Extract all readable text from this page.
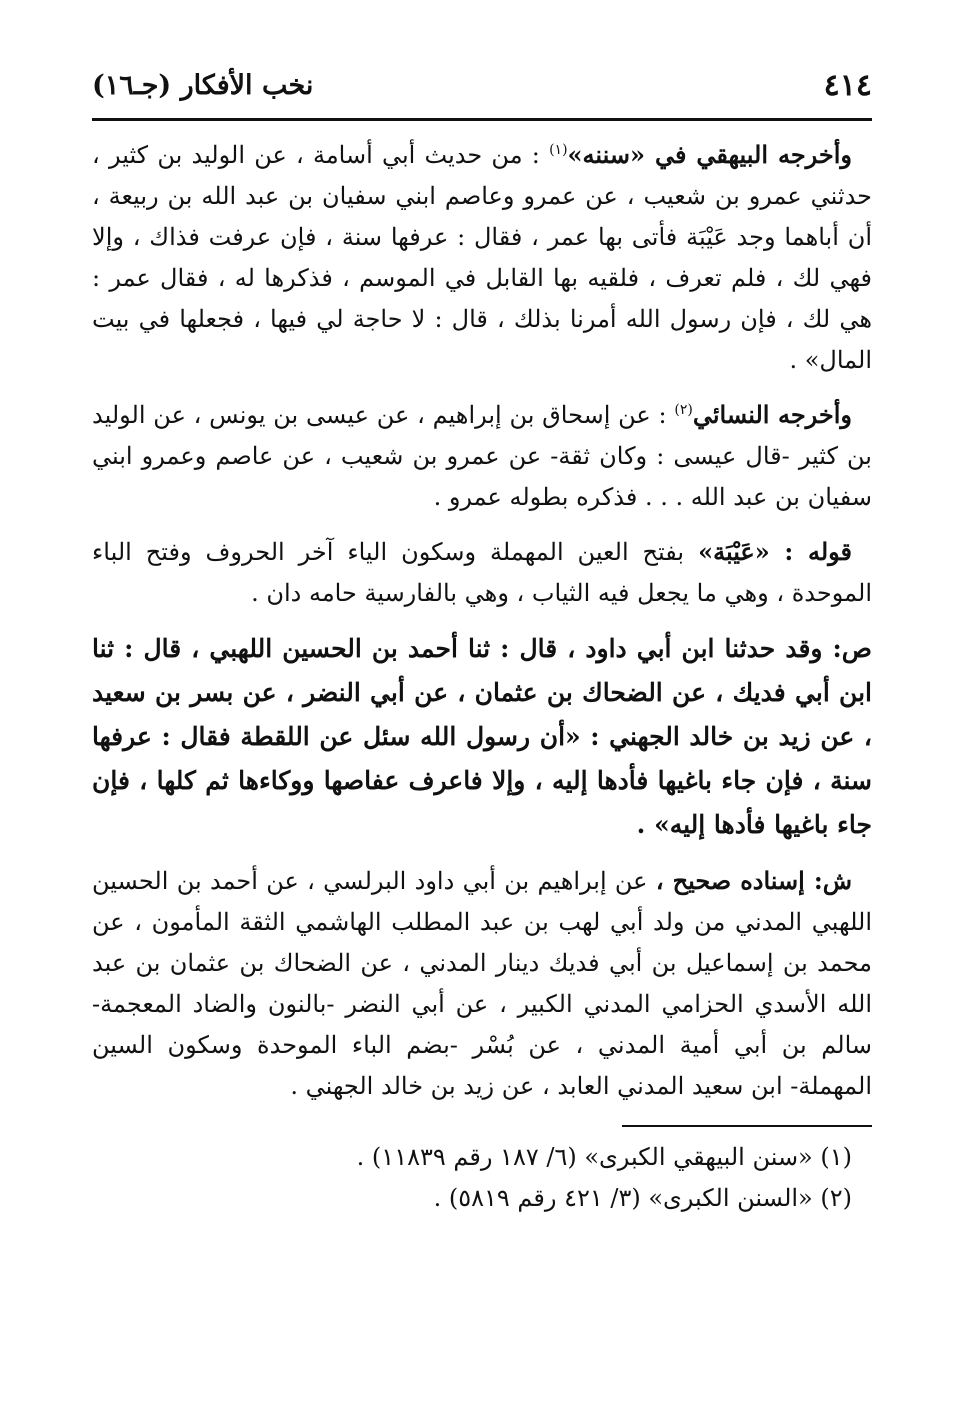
٤١٤
نخب الأفكار (جـ١٦)

وأخرجه البيهقي في «سننه»$^{(١)}$ : من حديث أبي أسامة ، عن الوليد بن كثير ، حدثني عمرو بن شعيب ، عن عمرو وعاصم ابني سفيان بن عبد الله بن ربيعة ، أن أباهما وجد عَيْبَة فأتى بها عمر ، فقال : عرفها سنة ، فإن عرفت فذاك ، وإلا فهي لك ، فلم تعرف ، فلقيه بها القابل في الموسم ، فذكرها له ، فقال عمر : هي لك ، فإن رسول الله أمرنا بذلك ، قال : لا حاجة لي فيها ، فجعلها في بيت المال» .

وأخرجه النسائي$^{(٢)}$ : عن إسحاق بن إبراهيم ، عن عيسى بن يونس ، عن الوليد بن كثير -قال عيسى : وكان ثقة- عن عمرو بن شعيب ، عن عاصم وعمرو ابني سفيان بن عبد الله . . . فذكره بطوله عمرو .

قوله : «عَيْبَة» بفتح العين المهملة وسكون الياء آخر الحروف وفتح الباء الموحدة ، وهي ما يجعل فيه الثياب ، وهي بالفارسية حامه دان .

ص: وقد حدثنا ابن أبي داود ، قال : ثنا أحمد بن الحسين اللهبي ، قال : ثنا ابن أبي فديك ، عن الضحاك بن عثمان ، عن أبي النضر ، عن بسر بن سعيد ، عن زيد بن خالد الجهني : «أن رسول الله سئل عن اللقطة فقال : عرفها سنة ، فإن جاء باغيها فأدها إليه ، وإلا فاعرف عفاصها ووكاءها ثم كلها ، فإن جاء باغيها فأدها إليه» .

ش: إسناده صحيح ، عن إبراهيم بن أبي داود البرلسي ، عن أحمد بن الحسين اللهبي المدني من ولد أبي لهب بن عبد المطلب الهاشمي الثقة المأمون ، عن محمد بن إسماعيل بن أبي فديك دينار المدني ، عن الضحاك بن عثمان بن عبد الله الأسدي الحزامي المدني الكبير ، عن أبي النضر -بالنون والضاد المعجمة- سالم بن أبي أمية المدني ، عن بُسْر -بضم الباء الموحدة وسكون السين المهملة- ابن سعيد المدني العابد ، عن زيد بن خالد الجهني .

(١) «سنن البيهقي الكبرى» (٦/ ١٨٧ رقم ١١٨٣٩) .

(٢) «السنن الكبرى» (٣/ ٤٢١ رقم ٥٨١٩) .
